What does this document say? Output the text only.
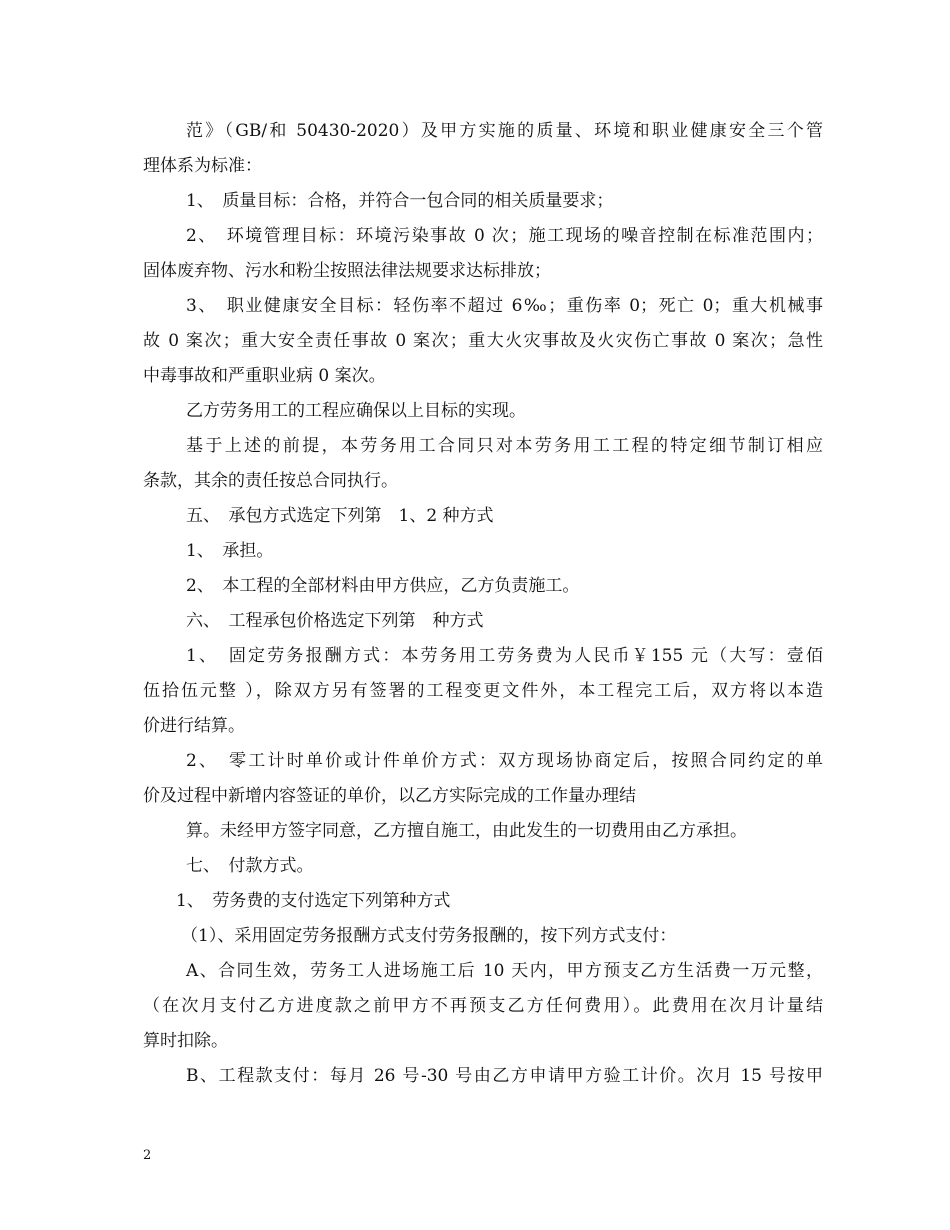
范》（GB/和 50430-2020）及甲方实施的质量、环境和职业健康安全三个管
理体系为标准：
1、　质量目标：合格，并符合一包合同的相关质量要求；
2、　环境管理目标：环境污染事故 0 次；施工现场的噪音控制在标准范围内；
固体废弃物、污水和粉尘按照法律法规要求达标排放；
3、　职业健康安全目标：轻伤率不超过 6‰；重伤率 0；死亡 0；重大机械事
故 0 案次；重大安全责任事故 0 案次；重大火灾事故及火灾伤亡事故 0 案次；急性
中毒事故和严重职业病 0 案次。
乙方劳务用工的工程应确保以上目标的实现。
基于上述的前提，本劳务用工合同只对本劳务用工工程的特定细节制订相应
条款，其余的责任按总合同执行。
五、　承包方式选定下列第　1、2 种方式
1、　承担。
2、　本工程的全部材料由甲方供应，乙方负责施工。
六、　工程承包价格选定下列第　种方式
1、　固定劳务报酬方式：本劳务用工劳务费为人民币￥155 元（大写：壹佰
伍拾伍元整 ），除双方另有签署的工程变更文件外，本工程完工后，双方将以本造
价进行结算。
2、　零工计时单价或计件单价方式：双方现场协商定后，按照合同约定的单
价及过程中新增内容签证的单价，以乙方实际完成的工作量办理结
算。未经甲方签字同意，乙方擅自施工，由此发生的一切费用由乙方承担。
七、　付款方式。
1、　劳务费的支付选定下列第种方式
（1）、采用固定劳务报酬方式支付劳务报酬的，按下列方式支付：
A、合同生效，劳务工人进场施工后 10 天内，甲方预支乙方生活费一万元整，
（在次月支付乙方进度款之前甲方不再预支乙方任何费用）。此费用在次月计量结
算时扣除。
B、工程款支付：每月 26 号-30 号由乙方申请甲方验工计价。次月 15 号按甲
2
